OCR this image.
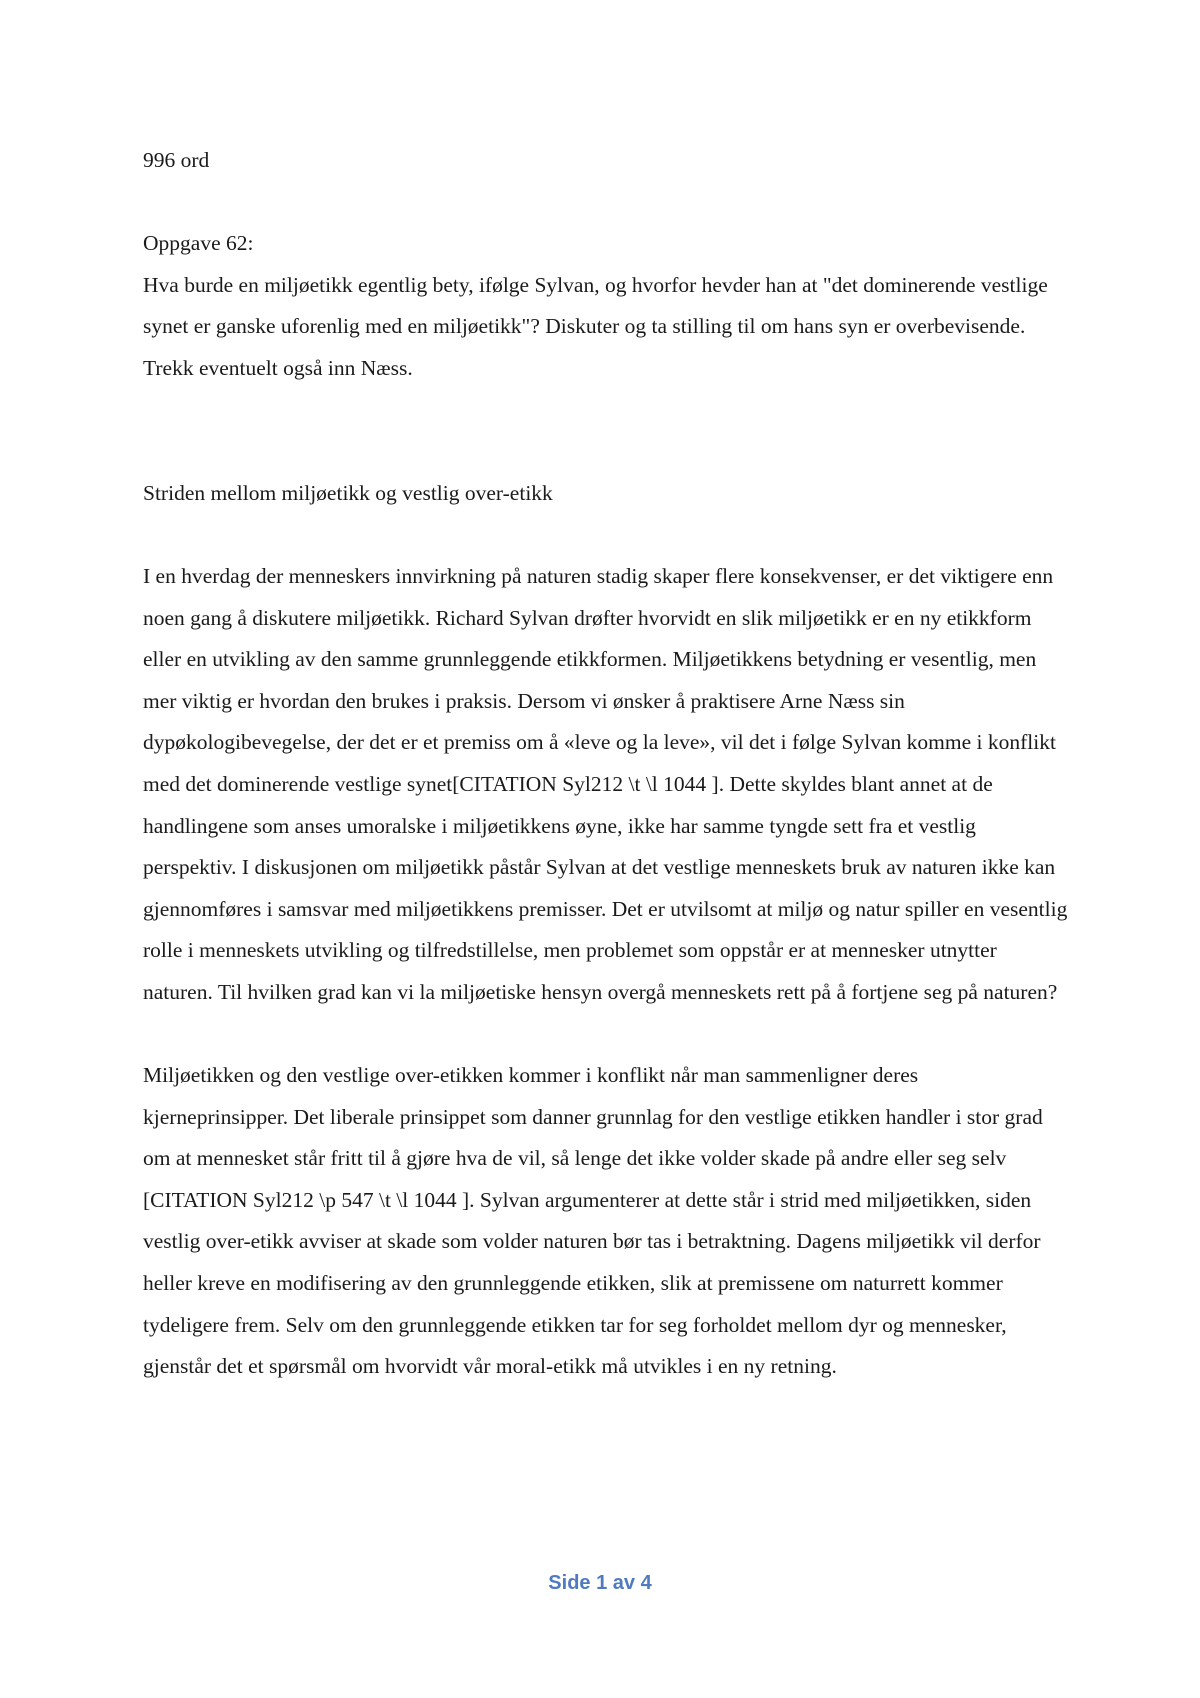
996 ord

Oppgave 62:

Hva burde en miljøetikk egentlig bety, ifølge Sylvan, og hvorfor hevder han at "det dominerende vestlige synet er ganske uforenlig med en miljøetikk"? Diskuter og ta stilling til om hans syn er overbevisende. Trekk eventuelt også inn Næss.

Striden mellom miljøetikk og vestlig over-etikk

I en hverdag der menneskers innvirkning på naturen stadig skaper flere konsekvenser, er det viktigere enn noen gang å diskutere miljøetikk. Richard Sylvan drøfter hvorvidt en slik miljøetikk er en ny etikkform eller en utvikling av den samme grunnleggende etikkformen. Miljøetikkens betydning er vesentlig, men mer viktig er hvordan den brukes i praksis. Dersom vi ønsker å praktisere Arne Næss sin dypøkologibevegelse, der det er et premiss om å «leve og la leve», vil det i følge Sylvan komme i konflikt med det dominerende vestlige synet[CITATION Syl212 \t \l 1044 ]. Dette skyldes blant annet at de handlingene som anses umoralske i miljøetikkens øyne, ikke har samme tyngde sett fra et vestlig perspektiv. I diskusjonen om miljøetikk påstår Sylvan at det vestlige menneskets bruk av naturen ikke kan gjennomføres i samsvar med miljøetikkens premisser. Det er utvilsomt at miljø og natur spiller en vesentlig rolle i menneskets utvikling og tilfredstillelse, men problemet som oppstår er at mennesker utnytter naturen. Til hvilken grad kan vi la miljøetiske hensyn overgå menneskets rett på å fortjene seg på naturen?

Miljøetikken og den vestlige over-etikken kommer i konflikt når man sammenligner deres kjerneprinsipper. Det liberale prinsippet som danner grunnlag for den vestlige etikken handler i stor grad om at mennesket står fritt til å gjøre hva de vil, så lenge det ikke volder skade på andre eller seg selv [CITATION Syl212 \p 547 \t \l 1044 ]. Sylvan argumenterer at dette står i strid med miljøetikken, siden vestlig over-etikk avviser at skade som volder naturen bør tas i betraktning. Dagens miljøetikk vil derfor heller kreve en modifisering av den grunnleggende etikken, slik at premissene om naturrett kommer tydeligere frem. Selv om den grunnleggende etikken tar for seg forholdet mellom dyr og mennesker, gjenstår det et spørsmål om hvorvidt vår moral-etikk må utvikles i en ny retning.

Side 1 av 4
